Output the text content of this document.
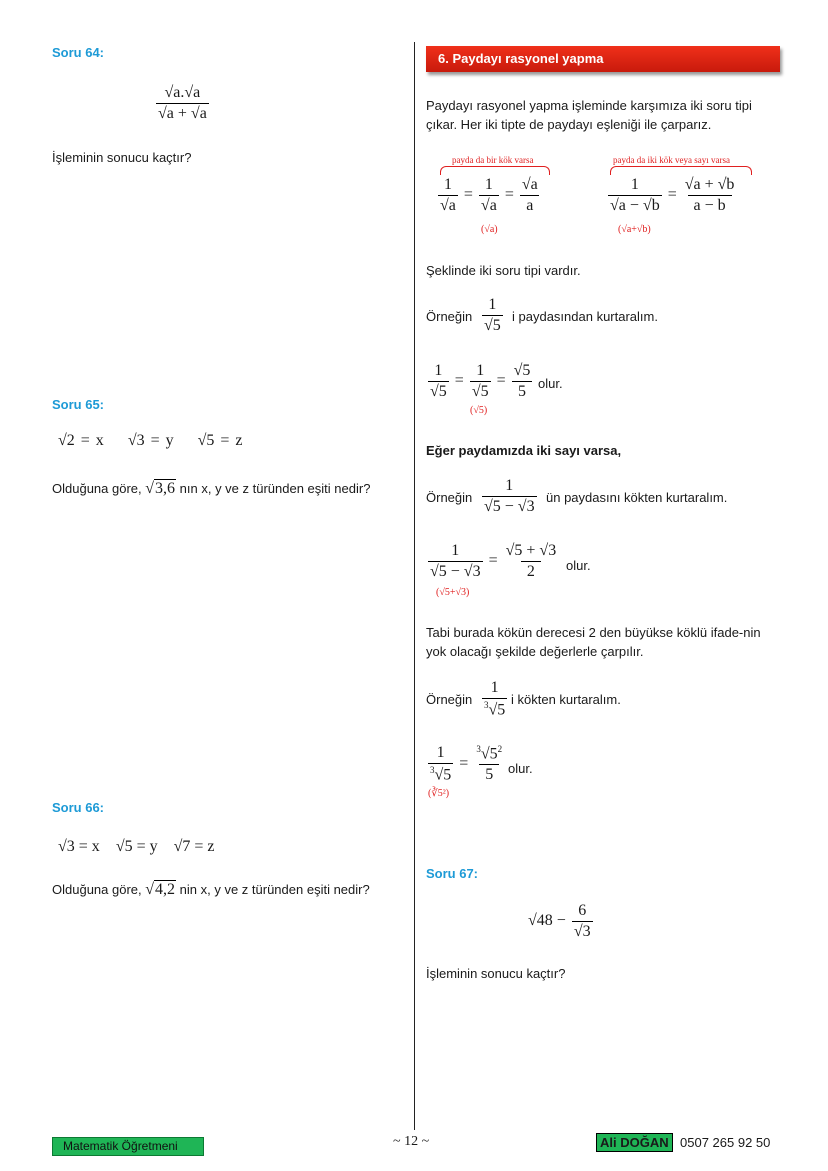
Soru 64:
$\frac{√a.√a}{√a + √a}$
İşleminin sonucu kaçtır?
Soru 65:
√2 = x √3 = y √5 = z
Olduğuna göre, √3,6 nın x, y ve z türünden eşiti nedir?
Soru 66:
√3 = x √5 = y √7 = z
Olduğuna göre, √4,2 nin x, y ve z türünden eşiti nedir?
6. Paydayı rasyonel yapma
Paydayı rasyonel yapma işleminde karşımıza iki soru tipi çıkar. Her iki tipte de paydayı eşleniği ile çarparız.
payda da bir kök varsa
$\frac{1}{√a} = \frac{1}{√a} = \frac{√a}{a}$
(√a)
payda da iki kök veya sayı varsa
$\frac{1}{√a - √b} = \frac{√a + √b}{a - b}$
(√a+√b)
Şeklinde iki soru tipi vardır.
Örneğin $\frac{1}{√5}$ i paydasından kurtaralım.
$\frac{1}{√5} = \frac{1}{√5} = \frac{√5}{5}$
(√5)
olur.
Eğer paydamızda iki sayı varsa,
Örneğin $\frac{1}{√5 - √3}$ ün paydasını kökten kurtaralım.
$\frac{1}{√5 - √3} = \frac{√5 + √3}{2}$
(√5+√3)
olur.
Tabi burada kökün derecesi 2 den büyükse köklü ifade-nin yok olacağı şekilde değerlerle çarpılır.
Örneğin $\frac{1}{^3√5}$ i kökten kurtaralım.
$\frac{1}{^3√5} = \frac{^3√5^2}{5}$
(∛5²)
olur.
Soru 67:
$√48 - \frac{6}{√3}$
İşleminin sonucu kaçtır?
Matematik Öğretmeni	~ 12 ~	Ali DOĞAN 0507 265 92 50
